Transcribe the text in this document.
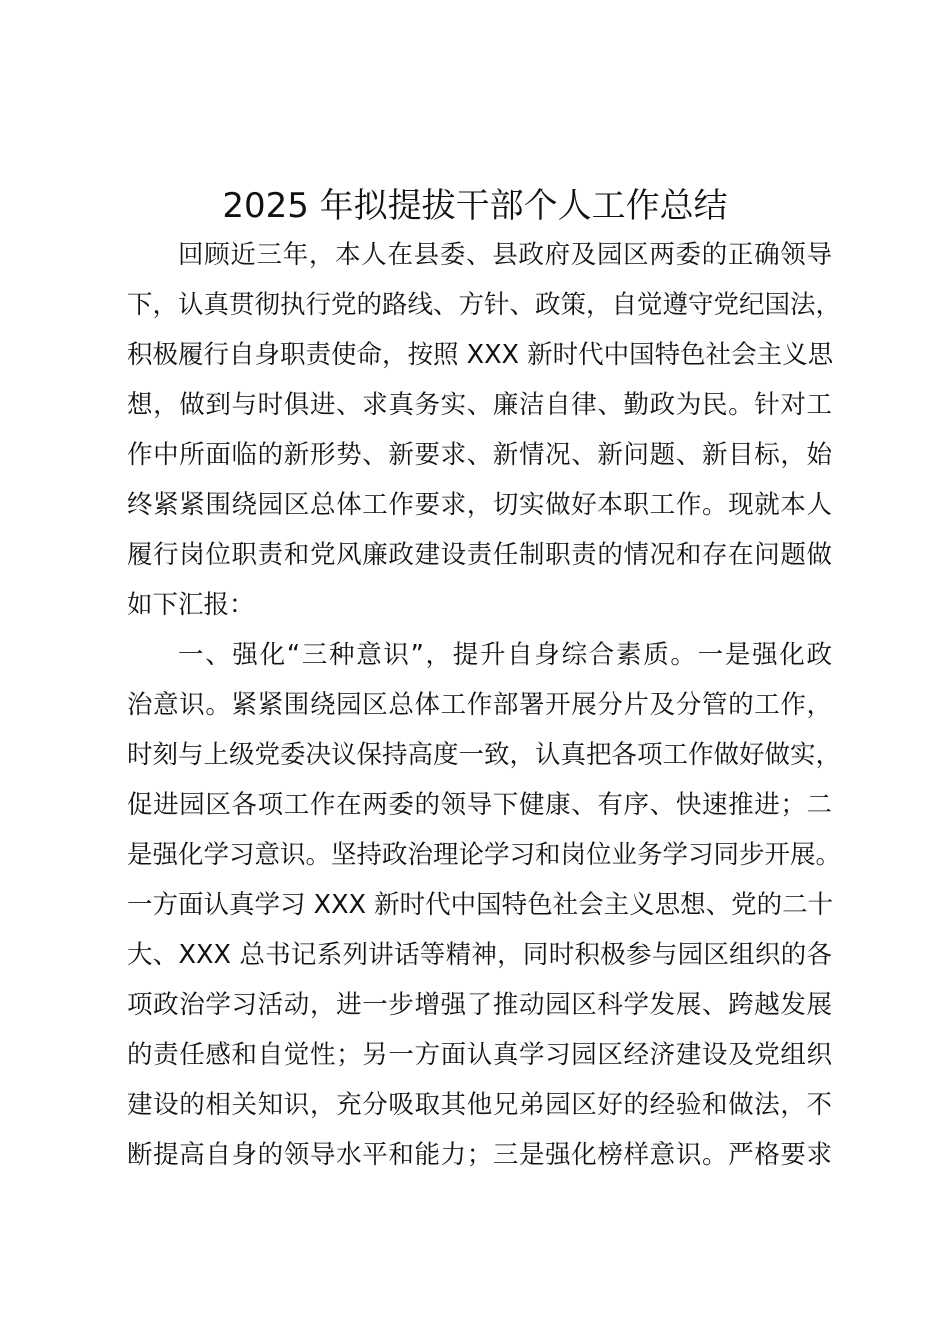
2025 年拟提拔干部个人工作总结
回顾近三年，本人在县委、县政府及园区两委的正确领导
下，认真贯彻执行党的路线、方针、政策，自觉遵守党纪国法，
积极履行自身职责使命，按照 XXX 新时代中国特色社会主义思
想，做到与时俱进、求真务实、廉洁自律、勤政为民。针对工
作中所面临的新形势、新要求、新情况、新问题、新目标，始
终紧紧围绕园区总体工作要求，切实做好本职工作。现就本人
履行岗位职责和党风廉政建设责任制职责的情况和存在问题做
如下汇报：
一、强化“三种意识”，提升自身综合素质。一是强化政
治意识。紧紧围绕园区总体工作部署开展分片及分管的工作，
时刻与上级党委决议保持高度一致，认真把各项工作做好做实，
促进园区各项工作在两委的领导下健康、有序、快速推进；二
是强化学习意识。坚持政治理论学习和岗位业务学习同步开展。
一方面认真学习 XXX 新时代中国特色社会主义思想、党的二十
大、XXX 总书记系列讲话等精神，同时积极参与园区组织的各
项政治学习活动，进一步增强了推动园区科学发展、跨越发展
的责任感和自觉性；另一方面认真学习园区经济建设及党组织
建设的相关知识，充分吸取其他兄弟园区好的经验和做法，不
断提高自身的领导水平和能力；三是强化榜样意识。严格要求
